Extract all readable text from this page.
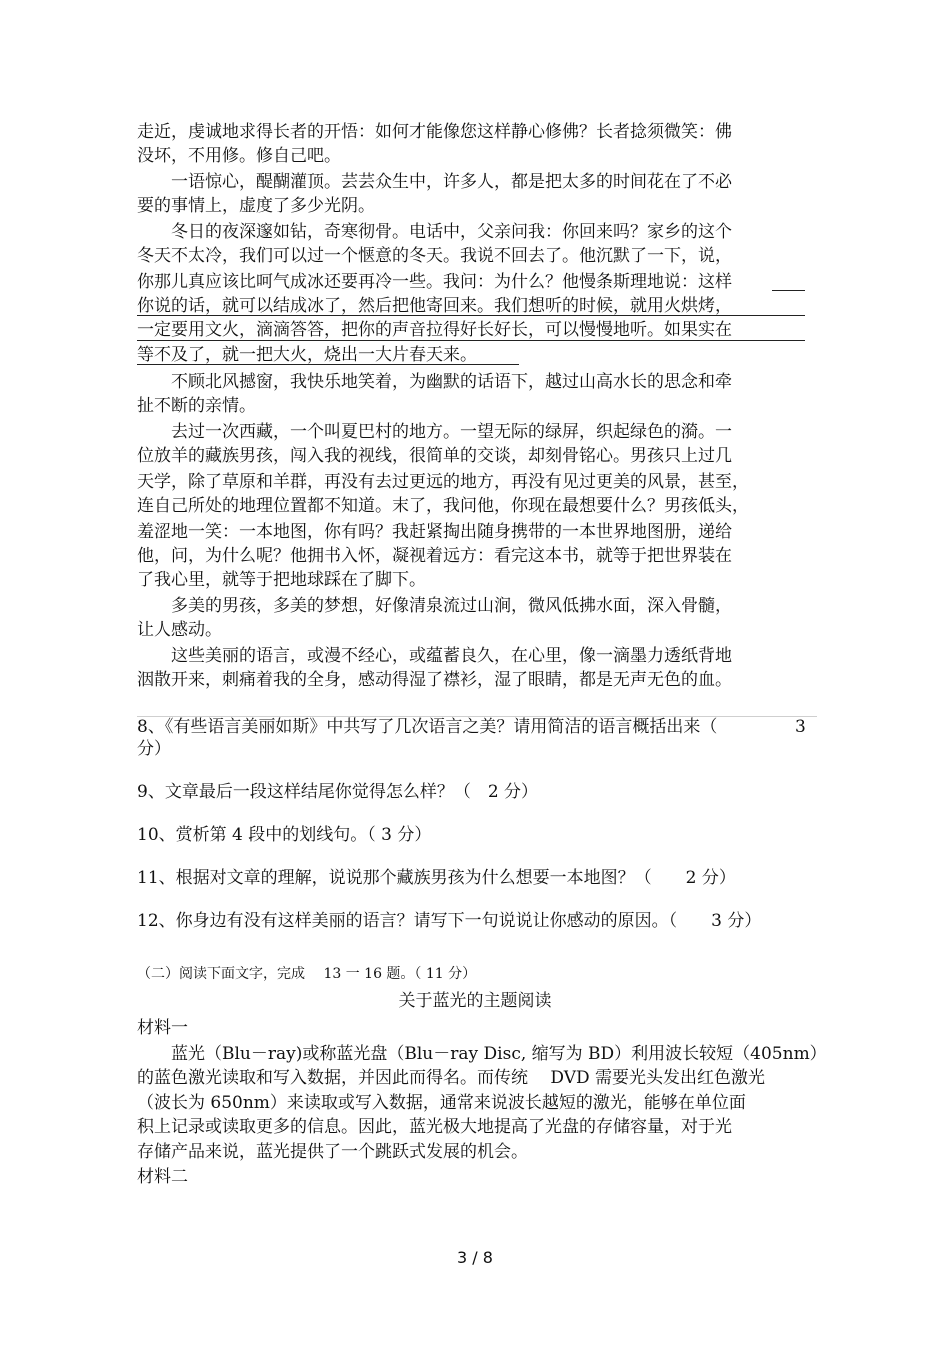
走近，虔诚地求得长者的开悟：如何才能像您这样静心修佛？长者捻须微笑：佛
没坏，不用修。修自己吧。
　　一语惊心，醍醐灌顶。芸芸众生中，许多人，都是把太多的时间花在了不必
要的事情上，虚度了多少光阴。
　　冬日的夜深邃如钻，奇寒彻骨。电话中，父亲问我：你回来吗？家乡的这个
冬天不太冷，我们可以过一个惬意的冬天。我说不回去了。他沉默了一下，说，
你那儿真应该比呵气成冰还要再冷一些。我问：为什么？他慢条斯理地说：这样
你说的话，就可以结成冰了，然后把他寄回来。我们想听的时候，就用火烘烤，
一定要用文火，滴滴答答，把你的声音拉得好长好长，可以慢慢地听。如果实在
等不及了，就一把大火，烧出一大片春天来。
　　不顾北风撼窗，我快乐地笑着，为幽默的话语下，越过山高水长的思念和牵
扯不断的亲情。
　　去过一次西藏，一个叫夏巴村的地方。一望无际的绿屏，织起绿色的漪。一
位放羊的藏族男孩，闯入我的视线，很简单的交谈，却刻骨铭心。男孩只上过几
天学，除了草原和羊群，再没有去过更远的地方，再没有见过更美的风景，甚至，
连自己所处的地理位置都不知道。末了，我问他，你现在最想要什么？男孩低头，
羞涩地一笑：一本地图，你有吗？我赶紧掏出随身携带的一本世界地图册，递给
他，问，为什么呢？他拥书入怀，凝视着远方：看完这本书，就等于把世界装在
了我心里，就等于把地球踩在了脚下。
　　多美的男孩，多美的梦想，好像清泉流过山涧，微风低拂水面，深入骨髓，
让人感动。
　　这些美丽的语言，或漫不经心，或蕴蓄良久，在心里，像一滴墨力透纸背地
洇散开来，刺痛着我的全身，感动得湿了襟衫，湿了眼睛，都是无声无色的血。
8、《有些语言美丽如斯》中共写了几次语言之美？请用简洁的语言概括出来（	3
分）
9、文章最后一段这样结尾你觉得怎么样？（　2 分）
10、赏析第 4 段中的划线句。（ 3 分）
11、根据对文章的理解，说说那个藏族男孩为什么想要一本地图？（　　2 分）
12、你身边有没有这样美丽的语言？请写下一句说说让你感动的原因。（　　3 分）
（二）阅读下面文字，完成　 13 一 16 题。（ 11 分）
关于蓝光的主题阅读
材料一
　　蓝光（Blu－ray)或称蓝光盘（Blu－ray Disc, 缩写为 BD）利用波长较短（405nm）
的蓝色激光读取和写入数据，并因此而得名。而传统　 DVD 需要光头发出红色激光
（波长为 650nm）来读取或写入数据，通常来说波长越短的激光，能够在单位面
积上记录或读取更多的信息。因此，蓝光极大地提高了光盘的存储容量，对于光
存储产品来说，蓝光提供了一个跳跃式发展的机会。
材料二
3 / 8
